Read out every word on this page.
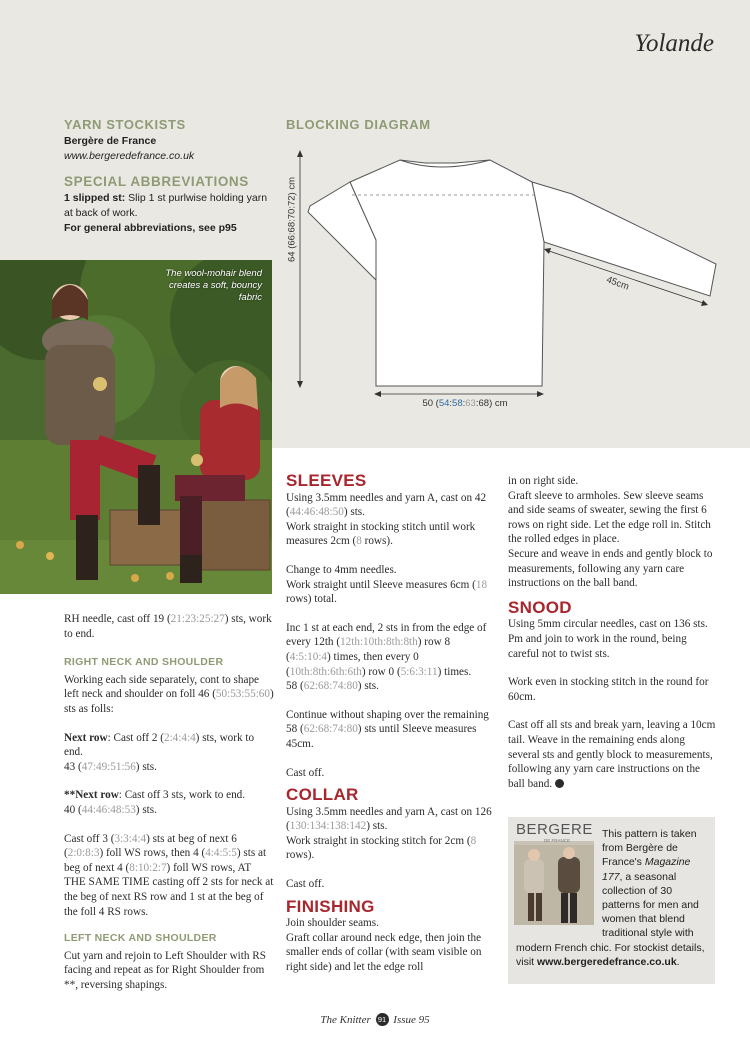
Yolande
YARN STOCKISTS
Bergère de France
www.bergeredefrance.co.uk
SPECIAL ABBREVIATIONS
1 slipped st: Slip 1 st purlwise holding yarn at back of work.
For general abbreviations, see p95
BLOCKING DIAGRAM
64 (66:68:70:72) cm
45cm
50 (54:58:63:68) cm
The wool-mohair blend creates a soft, bouncy fabric

RH needle, cast off 19 (21:23:25:27) sts, work to end.

RIGHT NECK AND SHOULDER

Working each side separately, cont to shape left neck and shoulder on foll 46 (50:53:55:60) sts as folls:

Next row: Cast off 2 (2:4:4:4) sts, work to end.

43 (47:49:51:56) sts.

**Next row: Cast off 3 sts, work to end.

40 (44:46:48:53) sts.

Cast off 3 (3:3:4:4) sts at beg of next 6 (2:0:8:3) foll WS rows, then 4 (4:4:5:5) sts at beg of next 4 (8:10:2:7) foll WS rows, AT THE SAME TIME casting off 2 sts for neck at the beg of next RS row and 1 st at the beg of the foll 4 RS rows.

LEFT NECK AND SHOULDER

Cut yarn and rejoin to Left Shoulder with RS facing and repeat as for Right Shoulder from **, reversing shapings.

SLEEVES

Using 3.5mm needles and yarn A, cast on 42 (44:46:48:50) sts.

Work straight in stocking stitch until work measures 2cm (8 rows).

Change to 4mm needles.

Work straight until Sleeve measures 6cm (18 rows) total.

Inc 1 st at each end, 2 sts in from the edge of every 12th (12th:10th:8th:8th) row 8 (4:5:10:4) times, then every 0 (10th:8th:6th:6th) row 0 (5:6:3:11) times.

58 (62:68:74:80) sts.

Continue without shaping over the remaining 58 (62:68:74:80) sts until Sleeve measures 45cm.

Cast off.

COLLAR

Using 3.5mm needles and yarn A, cast on 126 (130:134:138:142) sts.

Work straight in stocking stitch for 2cm (8 rows).

Cast off.

FINISHING

Join shoulder seams.

Graft collar around neck edge, then join the smaller ends of collar (with seam visible on right side) and let the edge roll

in on right side.

Graft sleeve to armholes. Sew sleeve seams and side seams of sweater, sewing the first 6 rows on right side. Let the edge roll in. Stitch the rolled edges in place.

Secure and weave in ends and gently block to measurements, following any yarn care instructions on the ball band.

SNOOD

Using 5mm circular needles, cast on 136 sts. Pm and join to work in the round, being careful not to twist sts.

Work even in stocking stitch in the round for 60cm.

Cast off all sts and break yarn, leaving a 10cm tail. Weave in the remaining ends along several sts and gently block to measurements, following any yarn care instructions on the ball band.

BERGERE
DE FRANCE
This pattern is taken from Bergère de France's Magazine 177, a seasonal collection of 30 patterns for men and women that blend traditional style with modern French chic. For stockist details, visit www.bergeredefrance.co.uk.
The Knitter 91 Issue 95
